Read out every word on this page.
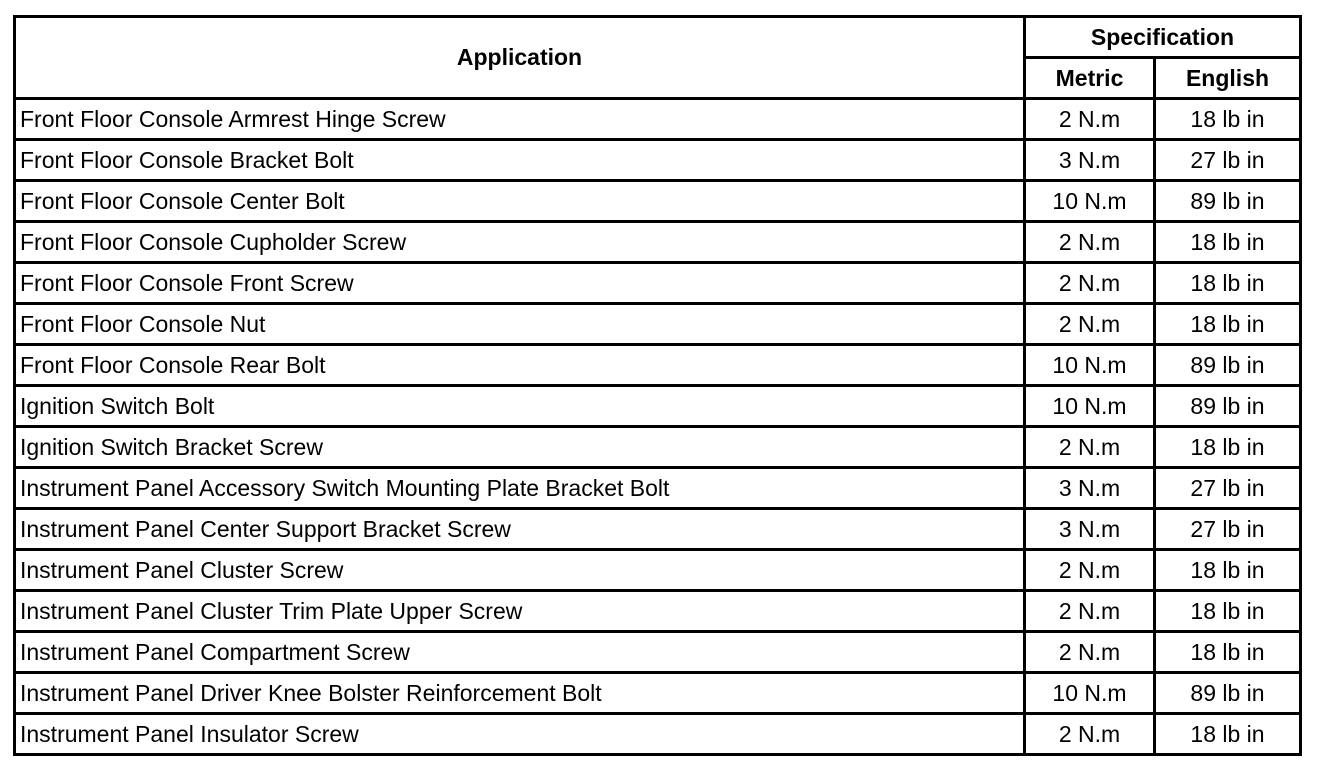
Application	Specification	
	Metric	English
Front Floor Console Armrest Hinge Screw	2 N.m	18 lb in
Front Floor Console Bracket Bolt	3 N.m	27 lb in
Front Floor Console Center Bolt	10 N.m	89 lb in
Front Floor Console Cupholder Screw	2 N.m	18 lb in
Front Floor Console Front Screw	2 N.m	18 lb in
Front Floor Console Nut	2 N.m	18 lb in
Front Floor Console Rear Bolt	10 N.m	89 lb in
Ignition Switch Bolt	10 N.m	89 lb in
Ignition Switch Bracket Screw	2 N.m	18 lb in
Instrument Panel Accessory Switch Mounting Plate Bracket Bolt	3 N.m	27 lb in
Instrument Panel Center Support Bracket Screw	3 N.m	27 lb in
Instrument Panel Cluster Screw	2 N.m	18 lb in
Instrument Panel Cluster Trim Plate Upper Screw	2 N.m	18 lb in
Instrument Panel Compartment Screw	2 N.m	18 lb in
Instrument Panel Driver Knee Bolster Reinforcement Bolt	10 N.m	89 lb in
Instrument Panel Insulator Screw	2 N.m	18 lb in
